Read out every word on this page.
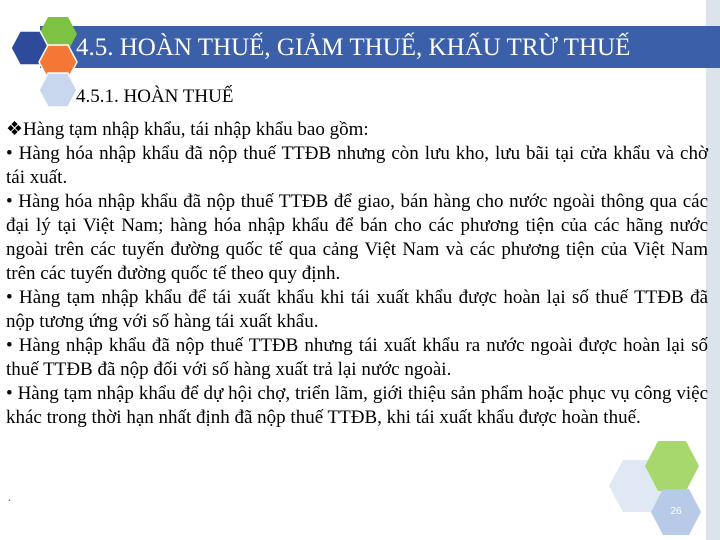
4.5. HOÀN THUẾ, GIẢM THUẾ, KHẤU TRỪ THUẾ
4.5.1. HOÀN THUẾ

❖Hàng tạm nhập khẩu, tái nhập khẩu bao gồm:

• Hàng hóa nhập khẩu đã nộp thuế TTĐB nhưng còn lưu kho, lưu bãi tại cửa khẩu và chờ tái xuất.

• Hàng hóa nhập khẩu đã nộp thuế TTĐB để giao, bán hàng cho nước ngoài thông qua các đại lý tại Việt Nam; hàng hóa nhập khẩu để bán cho các phương tiện của các hãng nước ngoài trên các tuyến đường quốc tế qua cảng Việt Nam và các phương tiện của Việt Nam trên các tuyến đường quốc tế theo quy định.

• Hàng tạm nhập khẩu để tái xuất khẩu khi tái xuất khẩu được hoàn lại số thuế TTĐB đã nộp tương ứng với số hàng tái xuất khẩu.

• Hàng nhập khẩu đã nộp thuế TTĐB nhưng tái xuất khẩu ra nước ngoài được hoàn lại số thuế TTĐB đã nộp đối với số hàng xuất trả lại nước ngoài.

• Hàng tạm nhập khẩu để dự hội chợ, triển lãm, giới thiệu sản phẩm hoặc phục vụ công việc khác trong thời hạn nhất định đã nộp thuế TTĐB, khi tái xuất khẩu được hoàn thuế.

.
26
